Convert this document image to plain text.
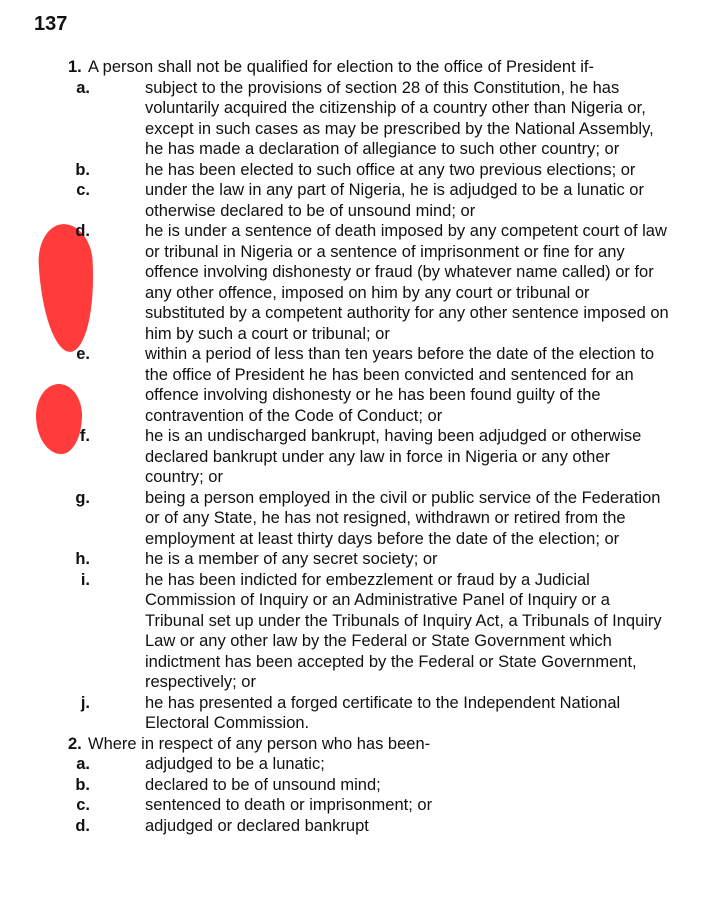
137
1. A person shall not be qualified for election to the office of President if-
a.	subject to the provisions of section 28 of this Constitution, he has voluntarily acquired the citizenship of a country other than Nigeria or, except in such cases as may be prescribed by the National Assembly, he has made a declaration of allegiance to such other country; or
b.	he has been elected to such office at any two previous elections; or
c.	under the law in any part of Nigeria, he is adjudged to be a lunatic or otherwise declared to be of unsound mind; or
d.	he is under a sentence of death imposed by any competent court of law or tribunal in Nigeria or a sentence of imprisonment or fine for any offence involving dishonesty or fraud (by whatever name called) or for any other offence, imposed on him by any court or tribunal or substituted by a competent authority for any other sentence imposed on him by such a court or tribunal; or
e.	within a period of less than ten years before the date of the election to the office of President he has been convicted and sentenced for an offence involving dishonesty or he has been found guilty of the contravention of the Code of Conduct; or
f.	he is an undischarged bankrupt, having been adjudged or otherwise declared bankrupt under any law in force in Nigeria or any other country; or
g.	being a person employed in the civil or public service of the Federation or of any State, he has not resigned, withdrawn or retired from the employment at least thirty days before the date of the election; or
h.	he is a member of any secret society; or
i.	he has been indicted for embezzlement or fraud by a Judicial Commission of Inquiry or an Administrative Panel of Inquiry or a Tribunal set up under the Tribunals of Inquiry Act, a Tribunals of Inquiry Law or any other law by the Federal or State Government which indictment has been accepted by the Federal or State Government, respectively; or
j.	he has presented a forged certificate to the Independent National Electoral Commission.
2. Where in respect of any person who has been-
a.	adjudged to be a lunatic;
b.	declared to be of unsound mind;
c.	sentenced to death or imprisonment; or
d.	adjudged or declared bankrupt
